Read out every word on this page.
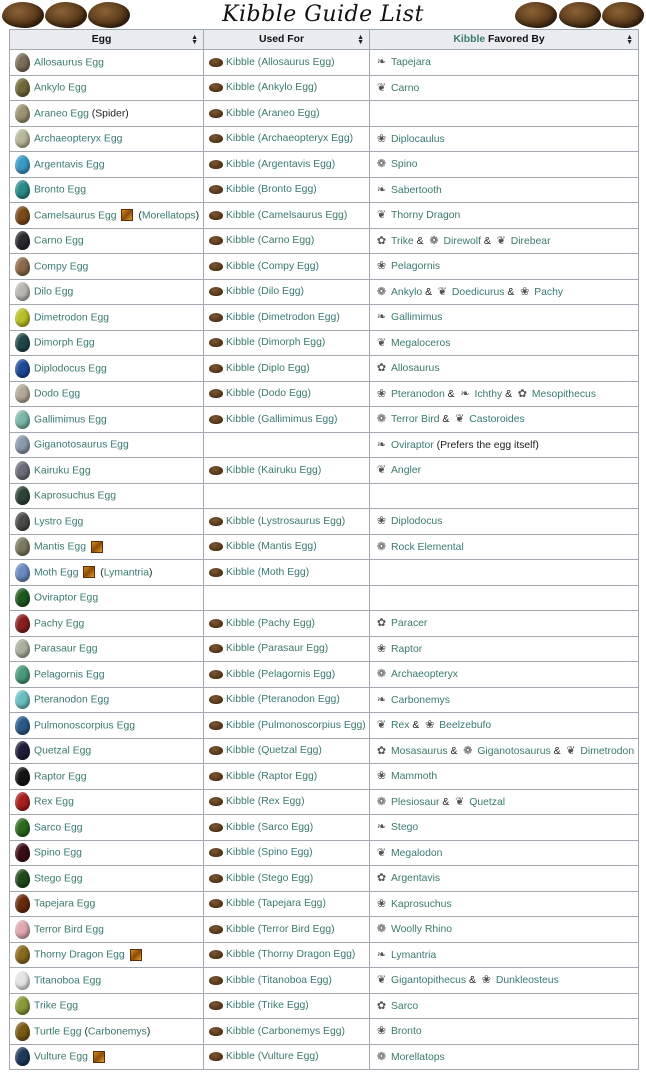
Kibble Guide List
Egg ▲
▼	Used For ▲
▼	Kibble Favored By ▲
▼

Allosaurus Egg	Kibble (Allosaurus Egg)	❧ Tapejara
Ankylo Egg	Kibble (Ankylo Egg)	❦ Carno
Araneo Egg (Spider)	Kibble (Araneo Egg)	
Archaeopteryx Egg	Kibble (Archaeopteryx Egg)	❀ Diplocaulus
Argentavis Egg	Kibble (Argentavis Egg)	❁ Spino
Bronto Egg	Kibble (Bronto Egg)	❧ Sabertooth
Camelsaurus Egg  (Morellatops)	Kibble (Camelsaurus Egg)	❦ Thorny Dragon
Carno Egg	Kibble (Carno Egg)	✿ Trike & ❁ Direwolf & ❦ Direbear
Compy Egg	Kibble (Compy Egg)	❀ Pelagornis
Dilo Egg	Kibble (Dilo Egg)	❁ Ankylo & ❦ Doedicurus & ❀ Pachy
Dimetrodon Egg	Kibble (Dimetrodon Egg)	❧ Gallimimus
Dimorph Egg	Kibble (Dimorph Egg)	❦ Megaloceros
Diplodocus Egg	Kibble (Diplo Egg)	✿ Allosaurus
Dodo Egg	Kibble (Dodo Egg)	❀ Pteranodon & ❧ Ichthy & ✿ Mesopithecus
Gallimimus Egg	Kibble (Gallimimus Egg)	❁ Terror Bird & ❦ Castoroides
Giganotosaurus Egg		❧ Oviraptor (Prefers the egg itself)
Kairuku Egg	Kibble (Kairuku Egg)	❦ Angler
Kaprosuchus Egg		
Lystro Egg	Kibble (Lystrosaurus Egg)	❀ Diplodocus
Mantis Egg	Kibble (Mantis Egg)	❁ Rock Elemental
Moth Egg  (Lymantria)	Kibble (Moth Egg)	
Oviraptor Egg		
Pachy Egg	Kibble (Pachy Egg)	✿ Paracer
Parasaur Egg	Kibble (Parasaur Egg)	❀ Raptor
Pelagornis Egg	Kibble (Pelagornis Egg)	❁ Archaeopteryx
Pteranodon Egg	Kibble (Pteranodon Egg)	❧ Carbonemys
Pulmonoscorpius Egg	Kibble (Pulmonoscorpius Egg)	❦ Rex & ❀ Beelzebufo
Quetzal Egg	Kibble (Quetzal Egg)	✿ Mosasaurus & ❁ Giganotosaurus & ❦ Dimetrodon
Raptor Egg	Kibble (Raptor Egg)	❀ Mammoth
Rex Egg	Kibble (Rex Egg)	❁ Plesiosaur & ❦ Quetzal
Sarco Egg	Kibble (Sarco Egg)	❧ Stego
Spino Egg	Kibble (Spino Egg)	❦ Megalodon
Stego Egg	Kibble (Stego Egg)	✿ Argentavis
Tapejara Egg	Kibble (Tapejara Egg)	❀ Kaprosuchus
Terror Bird Egg	Kibble (Terror Bird Egg)	❁ Woolly Rhino
Thorny Dragon Egg	Kibble (Thorny Dragon Egg)	❧ Lymantria
Titanoboa Egg	Kibble (Titanoboa Egg)	❦ Gigantopithecus & ❀ Dunkleosteus
Trike Egg	Kibble (Trike Egg)	✿ Sarco
Turtle Egg (Carbonemys)	Kibble (Carbonemys Egg)	❀ Bronto
Vulture Egg	Kibble (Vulture Egg)	❁ Morellatops
